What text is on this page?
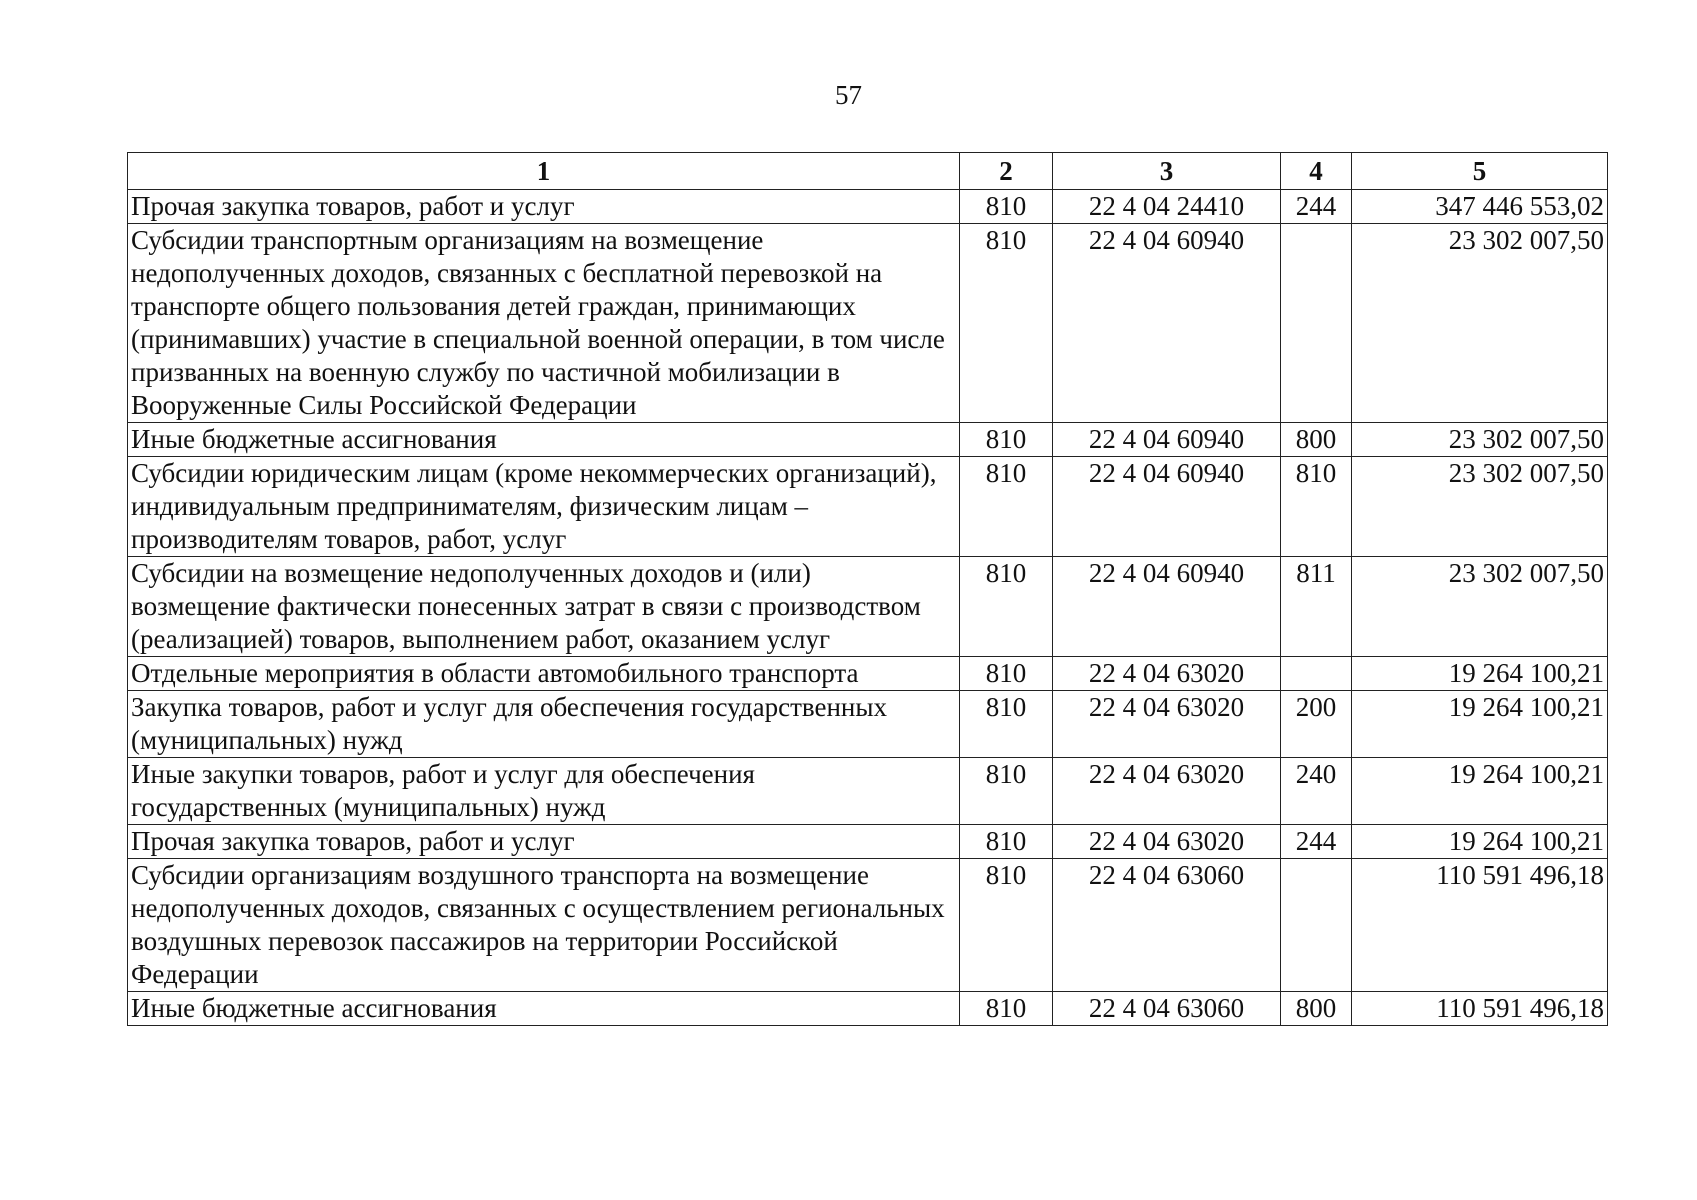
57
1	2	3	4	5
Прочая закупка товаров, работ и услуг	810	22 4 04 24410	244	347 446 553,02
Субсидии транспортным организациям на возмещение недополученных доходов, связанных с бесплатной перевозкой на транспорте общего пользования детей граждан, принимающих (принимавших) участие в специальной военной операции, в том числе призванных на военную службу по частичной мобилизации в Вооруженные Силы Российской Федерации	810	22 4 04 60940		23 302 007,50
Иные бюджетные ассигнования	810	22 4 04 60940	800	23 302 007,50
Субсидии юридическим лицам (кроме некоммерческих организаций), индивидуальным предпринимателям, физическим лицам – производителям товаров, работ, услуг	810	22 4 04 60940	810	23 302 007,50
Субсидии на возмещение недополученных доходов и (или) возмещение фактически понесенных затрат в связи с производством (реализацией) товаров, выполнением работ, оказанием услуг	810	22 4 04 60940	811	23 302 007,50
Отдельные мероприятия в области автомобильного транспорта	810	22 4 04 63020		19 264 100,21
Закупка товаров, работ и услуг для обеспечения государственных (муниципальных) нужд	810	22 4 04 63020	200	19 264 100,21
Иные закупки товаров, работ и услуг для обеспечения государственных (муниципальных) нужд	810	22 4 04 63020	240	19 264 100,21
Прочая закупка товаров, работ и услуг	810	22 4 04 63020	244	19 264 100,21
Субсидии организациям воздушного транспорта на возмещение недополученных доходов, связанных с осуществлением региональных воздушных перевозок пассажиров на территории Российской Федерации	810	22 4 04 63060		110 591 496,18
Иные бюджетные ассигнования	810	22 4 04 63060	800	110 591 496,18
